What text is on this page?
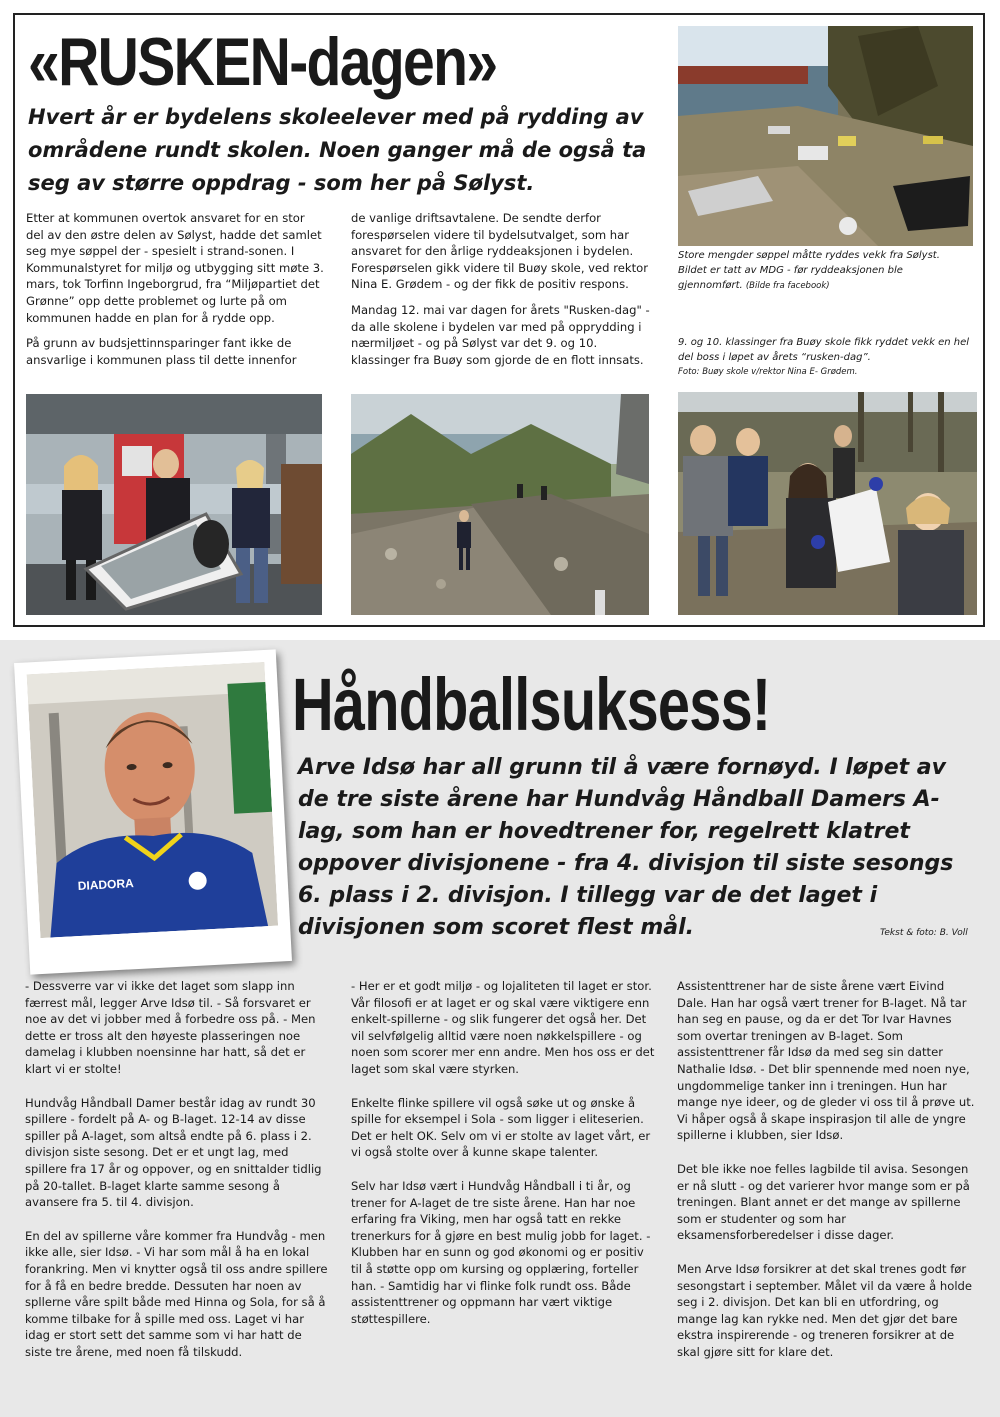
«RUSKEN-dagen»
Hvert år er bydelens skoleelever med på rydding av områdene rundt skolen. Noen ganger må de også ta seg av større oppdrag - som her på Sølyst.

Etter at kommunen overtok ansvaret for en stor del av den østre delen av Sølyst, hadde det samlet seg mye søppel der - spesielt i strand-sonen. I Kommunalstyret for miljø og utbygging sitt møte 3. mars, tok Torfinn Ingeborgrud, fra “Miljøpartiet det Grønne” opp dette problemet og lurte på om kommunen hadde en plan for å rydde opp.

På grunn av budsjettinnsparinger fant ikke de ansvarlige i kommunen plass til dette innenfor

de vanlige driftsavtalene. De sendte derfor forespørselen videre til bydelsutvalget, som har ansvaret for den årlige ryddeaksjonen i bydelen. Forespørselen gikk videre til Buøy skole, ved rektor Nina E. Grødem - og der fikk de positiv respons.

Mandag 12. mai var dagen for årets "Rusken-dag" - da alle skolene i bydelen var med på opprydding i nærmiljøet - og på Sølyst var det 9. og 10. klassinger fra Buøy som gjorde de en flott innsats.

Store mengder søppel måtte ryddes vekk fra Sølyst. Bildet er tatt av MDG - før ryddeaksjonen ble gjennomført. (Bilde fra facebook)
9. og 10. klassinger fra Buøy skole fikk ryddet vekk en hel del boss i løpet av årets “rusken-dag”.
Foto: Buøy skole v/rektor Nina E- Grødem.
DIADORA
Håndballsuksess!
Arve Idsø har all grunn til å være fornøyd. I løpet av de tre siste årene har Hundvåg Håndball Damers A-lag, som han er hovedtrener for, regelrett klatret oppover divisjonene - fra 4. divisjon til siste sesongs 6. plass i 2. divisjon. I tillegg var de det laget i divisjonen som scoret flest mål.	Tekst & foto: B. Voll

- Dessverre var vi ikke det laget som slapp inn færrest mål, legger Arve Idsø til. - Så forsvaret er noe av det vi jobber med å forbedre oss på. - Men dette er tross alt den høyeste plasseringen noe damelag i klubben noensinne har hatt, så det er klart vi er stolte!

Hundvåg Håndball Damer består idag av rundt 30 spillere - fordelt på A- og B-laget. 12-14 av disse spiller på A-laget, som altså endte på 6. plass i 2. divisjon siste sesong. Det er et ungt lag, med spillere fra 17 år og oppover, og en snittalder tidlig på 20-tallet. B-laget klarte samme sesong å avansere fra 5. til 4. divisjon.

En del av spillerne våre kommer fra Hundvåg - men ikke alle, sier Idsø. - Vi har som mål å ha en lokal forankring. Men vi knytter også til oss andre spillere for å få en bedre bredde. Dessuten har noen av spllerne våre spilt både med Hinna og Sola, for så å komme tilbake for å spille med oss. Laget vi har idag er stort sett det samme som vi har hatt de siste tre årene, med noen få tilskudd.

- Her er et godt miljø - og lojaliteten til laget er stor. Vår filosofi er at laget er og skal være viktigere enn enkelt-spillerne - og slik fungerer det også her. Det vil selvfølgelig alltid være noen nøkkelspillere - og noen som scorer mer enn andre. Men hos oss er det laget som skal være styrken.

Enkelte flinke spillere vil også søke ut og ønske å spille for eksempel i Sola - som ligger i eliteserien. Det er helt OK. Selv om vi er stolte av laget vårt, er vi også stolte over å kunne skape talenter.

Selv har Idsø vært i Hundvåg Håndball i ti år, og trener for A-laget de tre siste årene. Han har noe erfaring fra Viking, men har også tatt en rekke trenerkurs for å gjøre en best mulig jobb for laget. - Klubben har en sunn og god økonomi og er positiv til å støtte opp om kursing og opplæring, forteller han. - Samtidig har vi flinke folk rundt oss. Både assistenttrener og oppmann har vært viktige støttespillere.

Assistenttrener har de siste årene vært Eivind Dale. Han har også vært trener for B-laget. Nå tar han seg en pause, og da er det Tor Ivar Havnes som overtar treningen av B-laget. Som assistenttrener får Idsø da med seg sin datter Nathalie Idsø. - Det blir spennende med noen nye, ungdommelige tanker inn i treningen. Hun har mange nye ideer, og de gleder vi oss til å prøve ut. Vi håper også å skape inspirasjon til alle de yngre spillerne i klubben, sier Idsø.

Det ble ikke noe felles lagbilde til avisa. Sesongen er nå slutt - og det varierer hvor mange som er på treningen. Blant annet er det mange av spillerne som er studenter og som har eksamensforberedelser i disse dager.

Men Arve Idsø forsikrer at det skal trenes godt før sesongstart i september. Målet vil da være å holde seg i 2. divisjon. Det kan bli en utfordring, og mange lag kan rykke ned. Men det gjør det bare ekstra inspirerende - og treneren forsikrer at de skal gjøre sitt for klare det.
